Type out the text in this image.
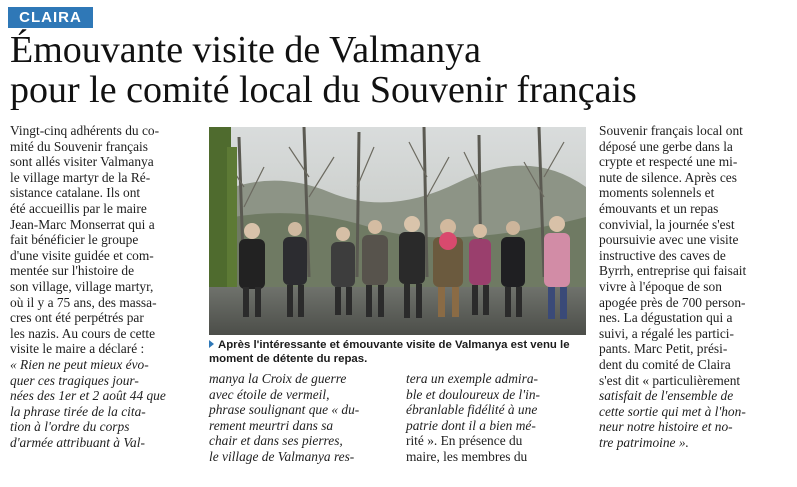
CLAIRA
Émouvante visite de Valmanya
pour le comité local du Souvenir français
Vingt-cinq adhérents du co-
mité du Souvenir français
sont allés visiter Valmanya
le village martyr de la Ré-
sistance catalane. Ils ont
été accueillis par le maire
Jean-Marc Monserrat qui a
fait bénéficier le groupe
d'une visite guidée et com-
mentée sur l'histoire de
son village, village martyr,
où il y a 75 ans, des massa-
cres ont été perpétrés par
les nazis. Au cours de cette
visite le maire a déclaré :
« Rien ne peut mieux évo-
quer ces tragiques jour-
nées des 1er et 2 août 44 que
la phrase tirée de la cita-
tion à l'ordre du corps
d'armée attribuant à Val-
Après l'intéressante et émouvante visite de Valmanya est venu le
moment de détente du repas.
manya la Croix de guerre
avec étoile de vermeil,
phrase soulignant que « du-
rement meurtri dans sa
chair et dans ses pierres,
le village de Valmanya res-
tera un exemple admira-
ble et douloureux de l'in-
ébranlable fidélité à une
patrie dont il a bien mé-
rité ». En présence du
maire, les membres du
Souvenir français local ont
déposé une gerbe dans la
crypte et respecté une mi-
nute de silence. Après ces
moments solennels et
émouvants et un repas
convivial, la journée s'est
poursuivie avec une visite
instructive des caves de
Byrrh, entreprise qui faisait
vivre à l'époque de son
apogée près de 700 person-
nes. La dégustation qui a
suivi, a régalé les partici-
pants. Marc Petit, prési-
dent du comité de Claira
s'est dit « particulièrement
satisfait de l'ensemble de
cette sortie qui met à l'hon-
neur notre histoire et no-
tre patrimoine ».
